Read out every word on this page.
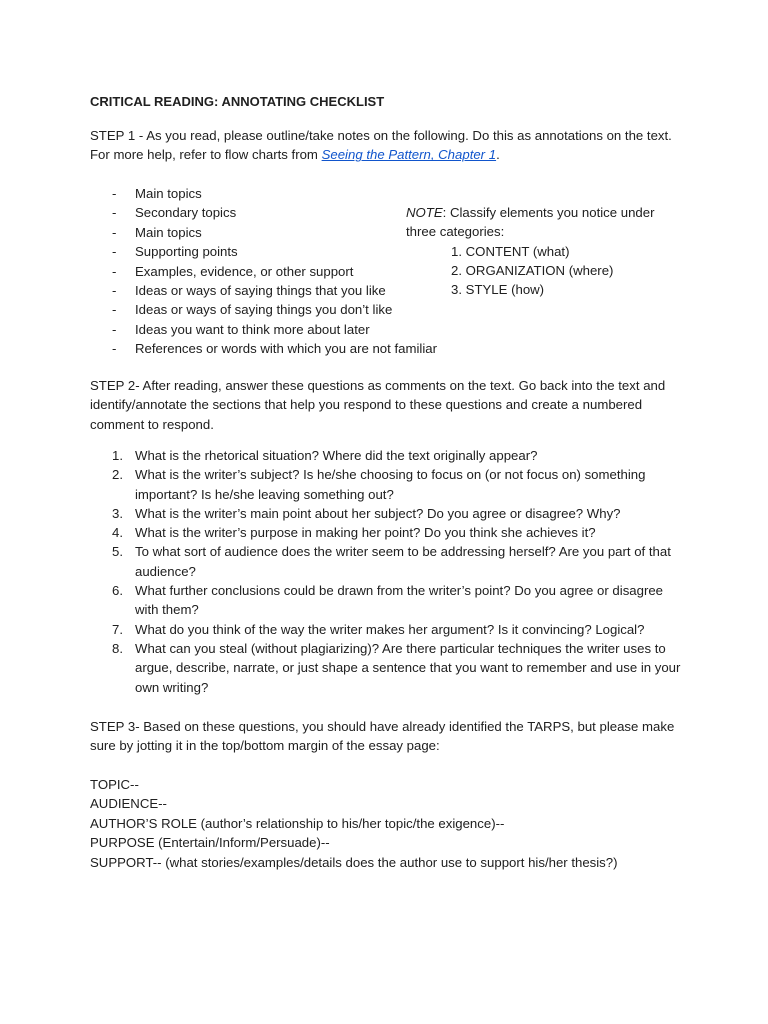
CRITICAL READING: ANNOTATING CHECKLIST
STEP 1 - As you read, please outline/take notes on the following. Do this as annotations on the text. For more help, refer to flow charts from Seeing the Pattern, Chapter 1.
- Main topics
- Secondary topics
- Main topics
- Supporting points
- Examples, evidence, or other support
- Ideas or ways of saying things that you like
- Ideas or ways of saying things you don’t like
- Ideas you want to think more about later
- References or words with which you are not familiar
NOTE: Classify elements you notice under three categories:
1. CONTENT (what)
2. ORGANIZATION (where)
3. STYLE (how)
STEP 2- After reading, answer these questions as comments on the text. Go back into the text and identify/annotate the sections that help you respond to these questions and create a numbered comment to respond.
1. What is the rhetorical situation? Where did the text originally appear?
2. What is the writer’s subject? Is he/she choosing to focus on (or not focus on) something important? Is he/she leaving something out?
3. What is the writer’s main point about her subject? Do you agree or disagree? Why?
4. What is the writer’s purpose in making her point? Do you think she achieves it?
5. To what sort of audience does the writer seem to be addressing herself? Are you part of that audience?
6. What further conclusions could be drawn from the writer’s point? Do you agree or disagree with them?
7. What do you think of the way the writer makes her argument? Is it convincing? Logical?
8. What can you steal (without plagiarizing)? Are there particular techniques the writer uses to argue, describe, narrate, or just shape a sentence that you want to remember and use in your own writing?
STEP 3- Based on these questions, you should have already identified the TARPS, but please make sure by jotting it in the top/bottom margin of the essay page:
TOPIC--
AUDIENCE--
AUTHOR’S ROLE (author’s relationship to his/her topic/the exigence)--
PURPOSE (Entertain/Inform/Persuade)--
SUPPORT-- (what stories/examples/details does the author use to support his/her thesis?)
